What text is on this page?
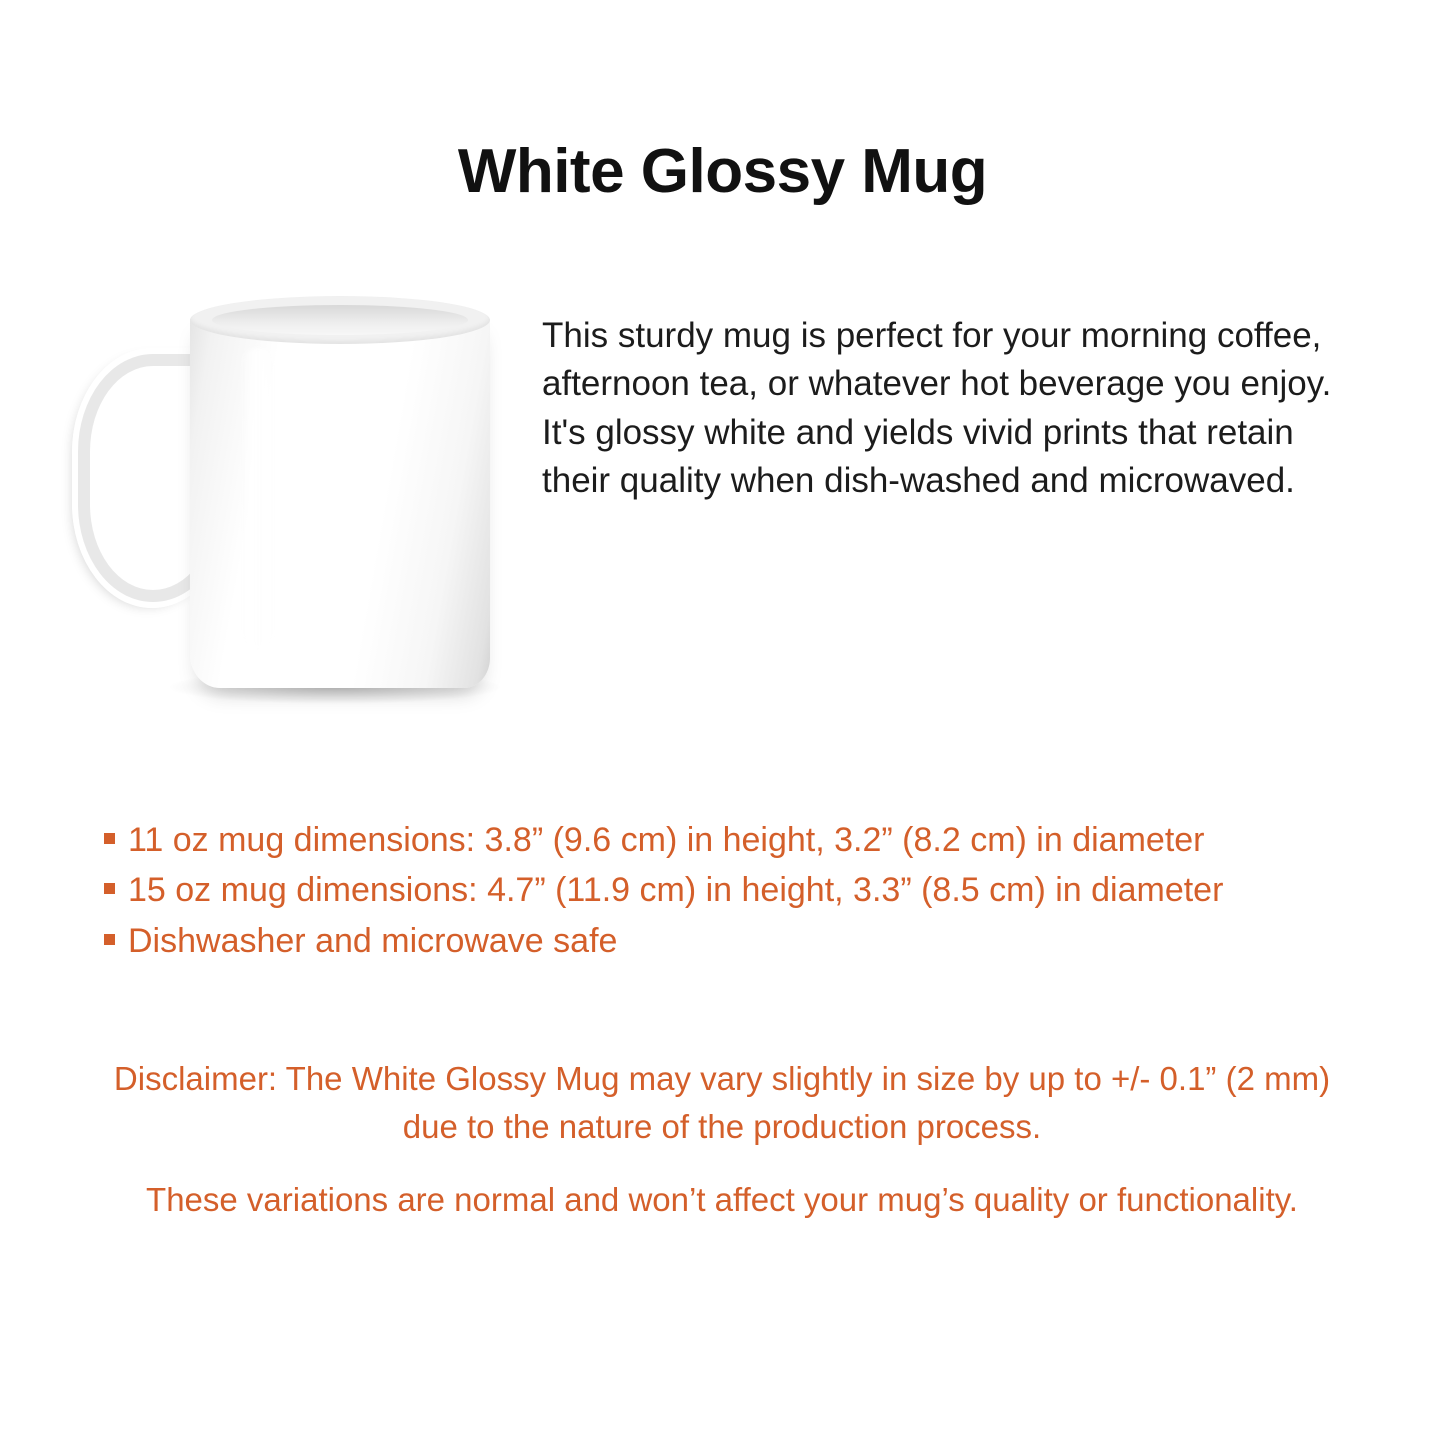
White Glossy Mug
This sturdy mug is perfect for your morning coffee, afternoon tea, or whatever hot beverage you enjoy. It's glossy white and yields vivid prints that retain their quality when dish-washed and microwaved.
11 oz mug dimensions: 3.8” (9.6 cm) in height, 3.2” (8.2 cm) in diameter
15 oz mug dimensions: 4.7” (11.9 cm) in height, 3.3” (8.5 cm) in diameter
Dishwasher and microwave safe

Disclaimer: The White Glossy Mug may vary slightly in size by up to +/- 0.1” (2 mm)

due to the nature of the production process.

These variations are normal and won’t affect your mug’s quality or functionality.
